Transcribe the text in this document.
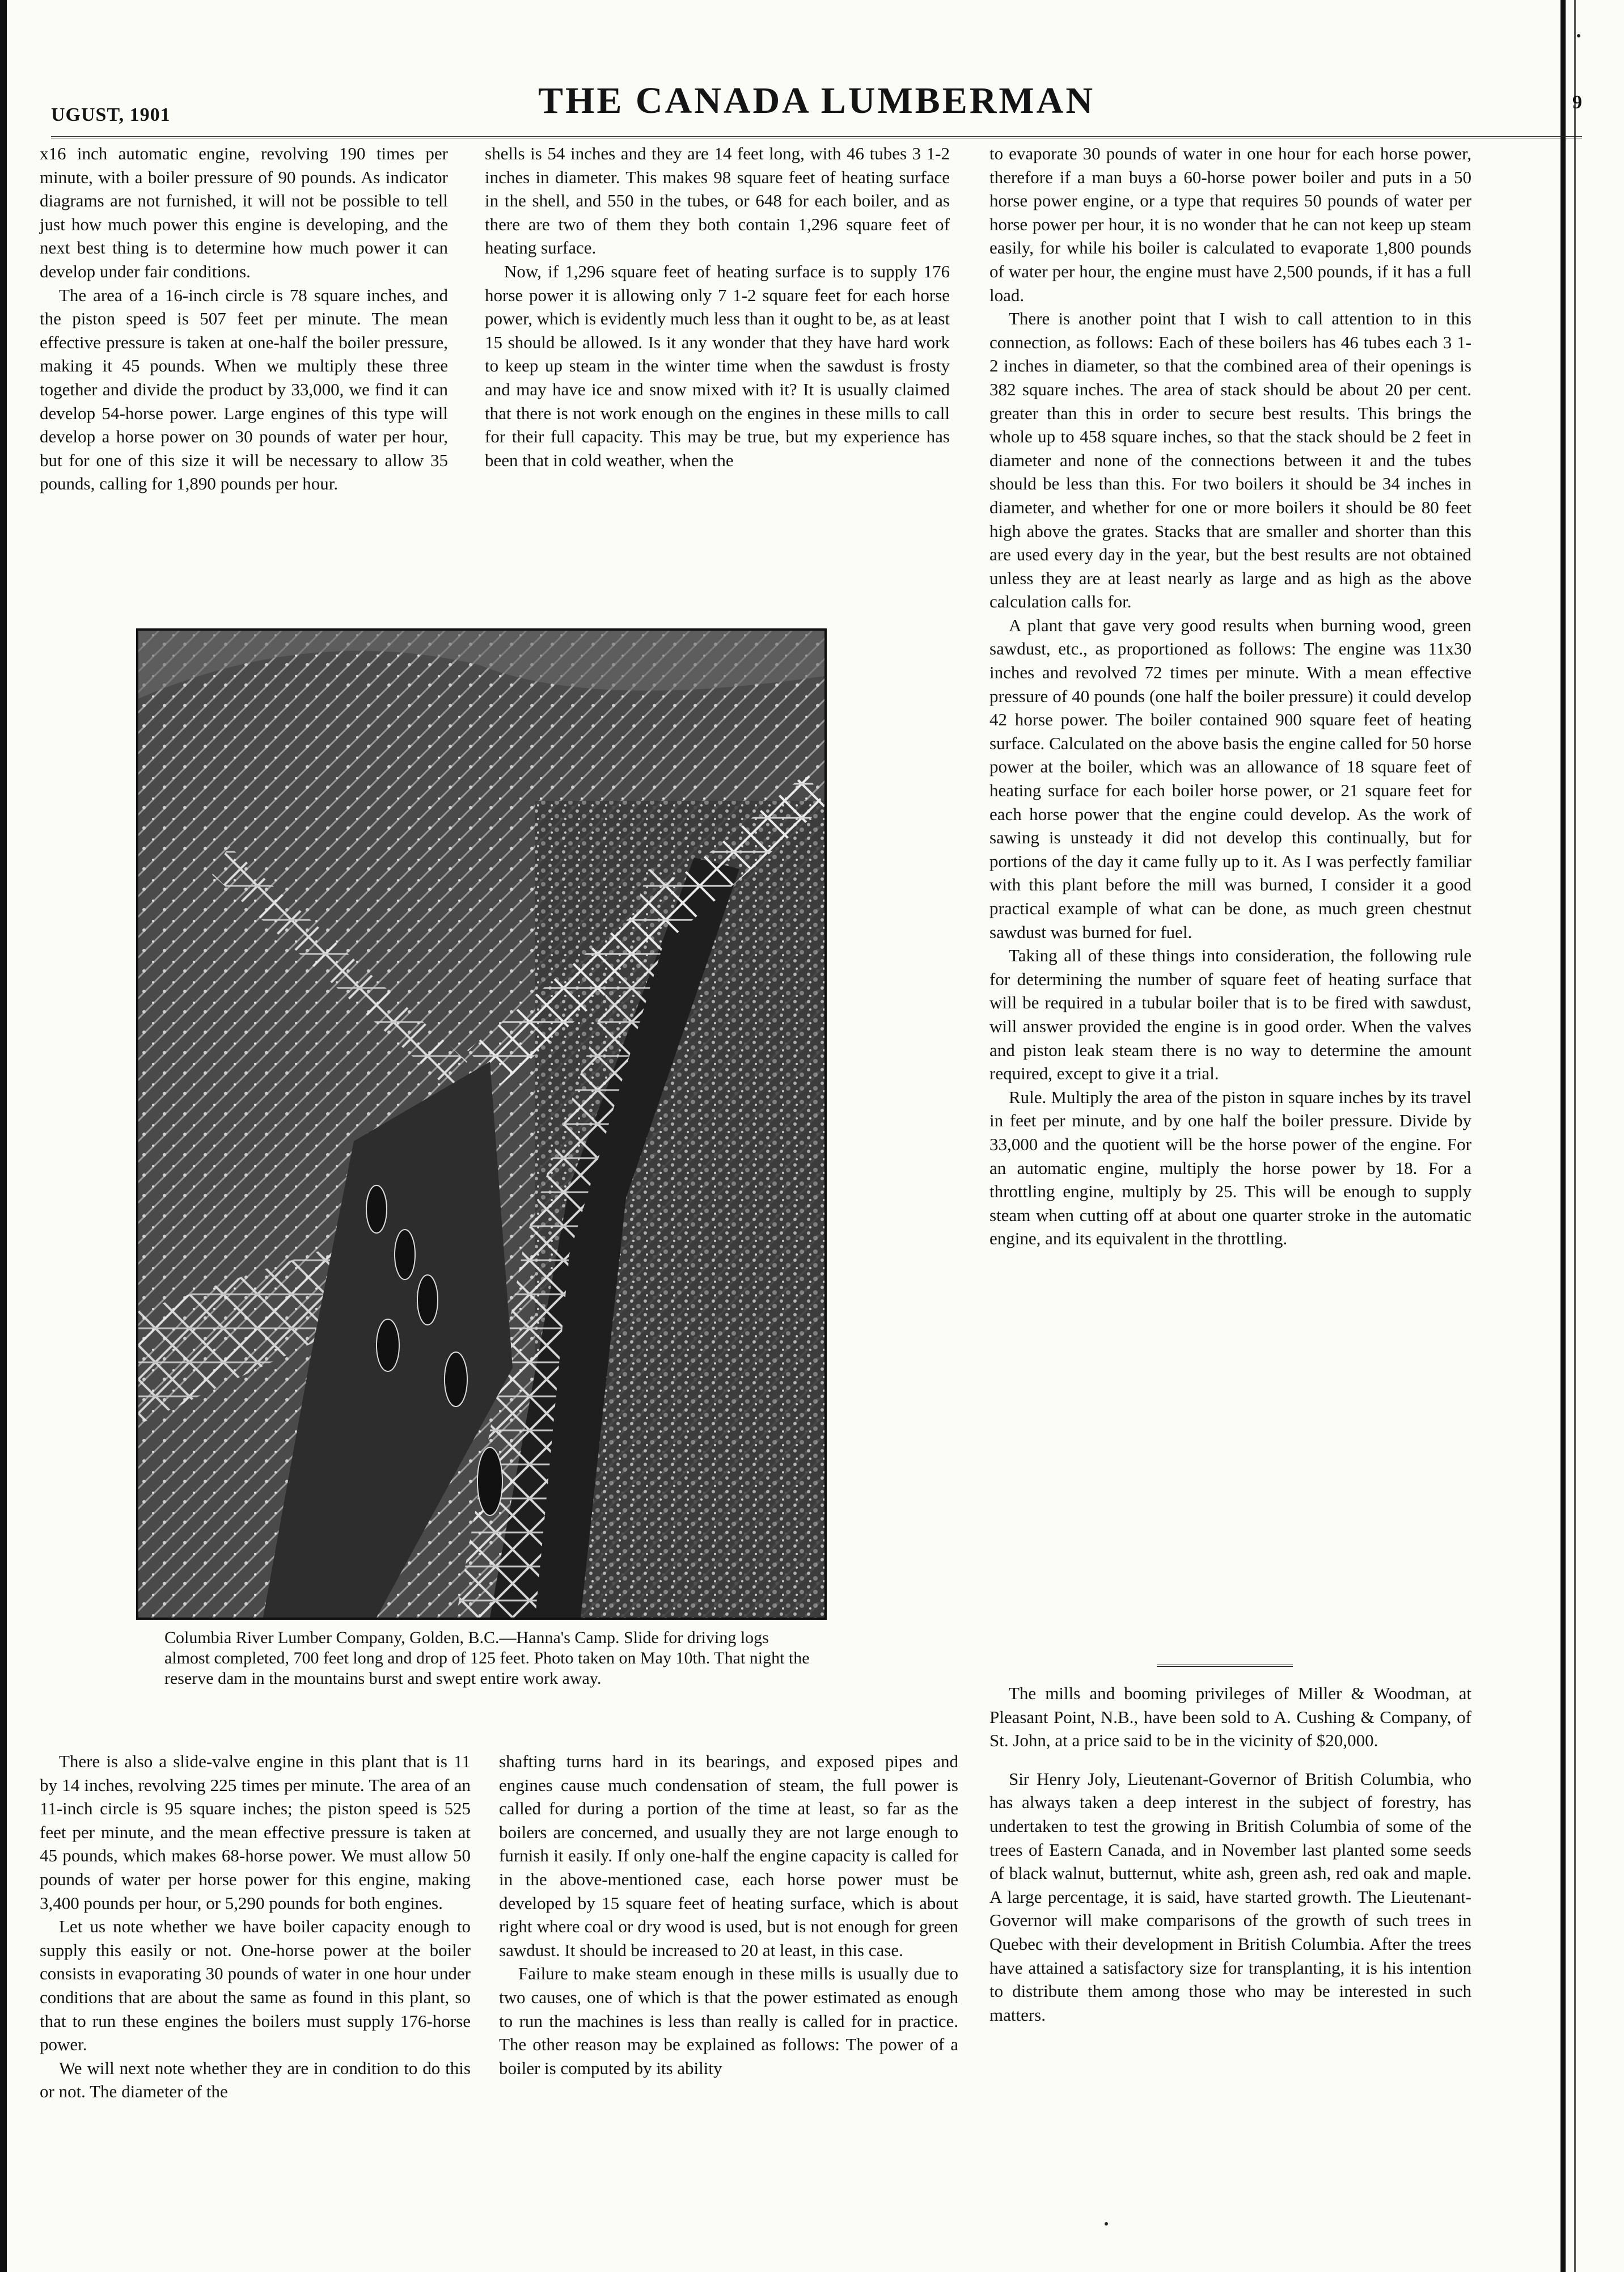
UGUST, 1901	THE CANADA LUMBERMAN	9

x16 inch automatic engine, revolving 190 times per minute, with a boiler pressure of 90 pounds. As indicator diagrams are not furnished, it will not be possible to tell just how much power this engine is developing, and the next best thing is to determine how much power it can develop under fair conditions.

The area of a 16-inch circle is 78 square inches, and the piston speed is 507 feet per minute. The mean effective pressure is taken at one-half the boiler pressure, making it 45 pounds. When we multiply these three together and divide the product by 33,000, we find it can develop 54-horse power. Large engines of this type will develop a horse power on 30 pounds of water per hour, but for one of this size it will be necessary to allow 35 pounds, calling for 1,890 pounds per hour.

shells is 54 inches and they are 14 feet long, with 46 tubes 3 1-2 inches in diameter. This makes 98 square feet of heating surface in the shell, and 550 in the tubes, or 648 for each boiler, and as there are two of them they both contain 1,296 square feet of heating surface.

Now, if 1,296 square feet of heating surface is to supply 176 horse power it is allowing only 7 1-2 square feet for each horse power, which is evidently much less than it ought to be, as at least 15 should be allowed. Is it any wonder that they have hard work to keep up steam in the winter time when the sawdust is frosty and may have ice and snow mixed with it? It is usually claimed that there is not work enough on the engines in these mills to call for their full capacity. This may be true, but my experience has been that in cold weather, when the

to evaporate 30 pounds of water in one hour for each horse power, therefore if a man buys a 60-horse power boiler and puts in a 50 horse power engine, or a type that requires 50 pounds of water per horse power per hour, it is no wonder that he can not keep up steam easily, for while his boiler is calculated to evaporate 1,800 pounds of water per hour, the engine must have 2,500 pounds, if it has a full load.

There is another point that I wish to call attention to in this connection, as follows: Each of these boilers has 46 tubes each 3 1-2 inches in diameter, so that the combined area of their openings is 382 square inches. The area of stack should be about 20 per cent. greater than this in order to secure best results. This brings the whole up to 458 square inches, so that the stack should be 2 feet in diameter and none of the connections between it and the tubes should be less than this. For two boilers it should be 34 inches in diameter, and whether for one or more boilers it should be 80 feet high above the grates. Stacks that are smaller and shorter than this are used every day in the year, but the best results are not obtained unless they are at least nearly as large and as high as the above calculation calls for.

A plant that gave very good results when burning wood, green sawdust, etc., as proportioned as follows: The engine was 11x30 inches and revolved 72 times per minute. With a mean effective pressure of 40 pounds (one half the boiler pressure) it could develop 42 horse power. The boiler contained 900 square feet of heating surface. Calculated on the above basis the engine called for 50 horse power at the boiler, which was an allowance of 18 square feet of heating surface for each boiler horse power, or 21 square feet for each horse power that the engine could develop. As the work of sawing is unsteady it did not develop this continually, but for portions of the day it came fully up to it. As I was perfectly familiar with this plant before the mill was burned, I consider it a good practical example of what can be done, as much green chestnut sawdust was burned for fuel.

Taking all of these things into consideration, the following rule for determining the number of square feet of heating surface that will be required in a tubular boiler that is to be fired with sawdust, will answer provided the engine is in good order. When the valves and piston leak steam there is no way to determine the amount required, except to give it a trial.

Rule. Multiply the area of the piston in square inches by its travel in feet per minute, and by one half the boiler pressure. Divide by 33,000 and the quotient will be the horse power of the engine. For an automatic engine, multiply the horse power by 18. For a throttling engine, multiply by 25. This will be enough to supply steam when cutting off at about one quarter stroke in the automatic engine, and its equivalent in the throttling.

The mills and booming privileges of Miller & Woodman, at Pleasant Point, N.B., have been sold to A. Cushing & Company, of St. John, at a price said to be in the vicinity of $20,000.

Sir Henry Joly, Lieutenant-Governor of British Columbia, who has always taken a deep interest in the subject of forestry, has undertaken to test the growing in British Columbia of some of the trees of Eastern Canada, and in November last planted some seeds of black walnut, butternut, white ash, green ash, red oak and maple. A large percentage, it is said, have started growth. The Lieutenant-Governor will make comparisons of the growth of such trees in Quebec with their development in British Columbia. After the trees have attained a satisfactory size for transplanting, it is his intention to distribute them among those who may be interested in such matters.

Columbia River Lumber Company, Golden, B.C.—Hanna's Camp. Slide for driving logs almost completed, 700 feet long and drop of 125 feet. Photo taken on May 10th. That night the reserve dam in the mountains burst and swept entire work away.

There is also a slide-valve engine in this plant that is 11 by 14 inches, revolving 225 times per minute. The area of an 11-inch circle is 95 square inches; the piston speed is 525 feet per minute, and the mean effective pressure is taken at 45 pounds, which makes 68-horse power. We must allow 50 pounds of water per horse power for this engine, making 3,400 pounds per hour, or 5,290 pounds for both engines.

Let us note whether we have boiler capacity enough to supply this easily or not. One-horse power at the boiler consists in evaporating 30 pounds of water in one hour under conditions that are about the same as found in this plant, so that to run these engines the boilers must supply 176-horse power.

We will next note whether they are in condition to do this or not. The diameter of the

shafting turns hard in its bearings, and exposed pipes and engines cause much condensation of steam, the full power is called for during a portion of the time at least, so far as the boilers are concerned, and usually they are not large enough to furnish it easily. If only one-half the engine capacity is called for in the above-mentioned case, each horse power must be developed by 15 square feet of heating surface, which is about right where coal or dry wood is used, but is not enough for green sawdust. It should be increased to 20 at least, in this case.

Failure to make steam enough in these mills is usually due to two causes, one of which is that the power estimated as enough to run the machines is less than really is called for in practice. The other reason may be explained as follows: The power of a boiler is computed by its ability
